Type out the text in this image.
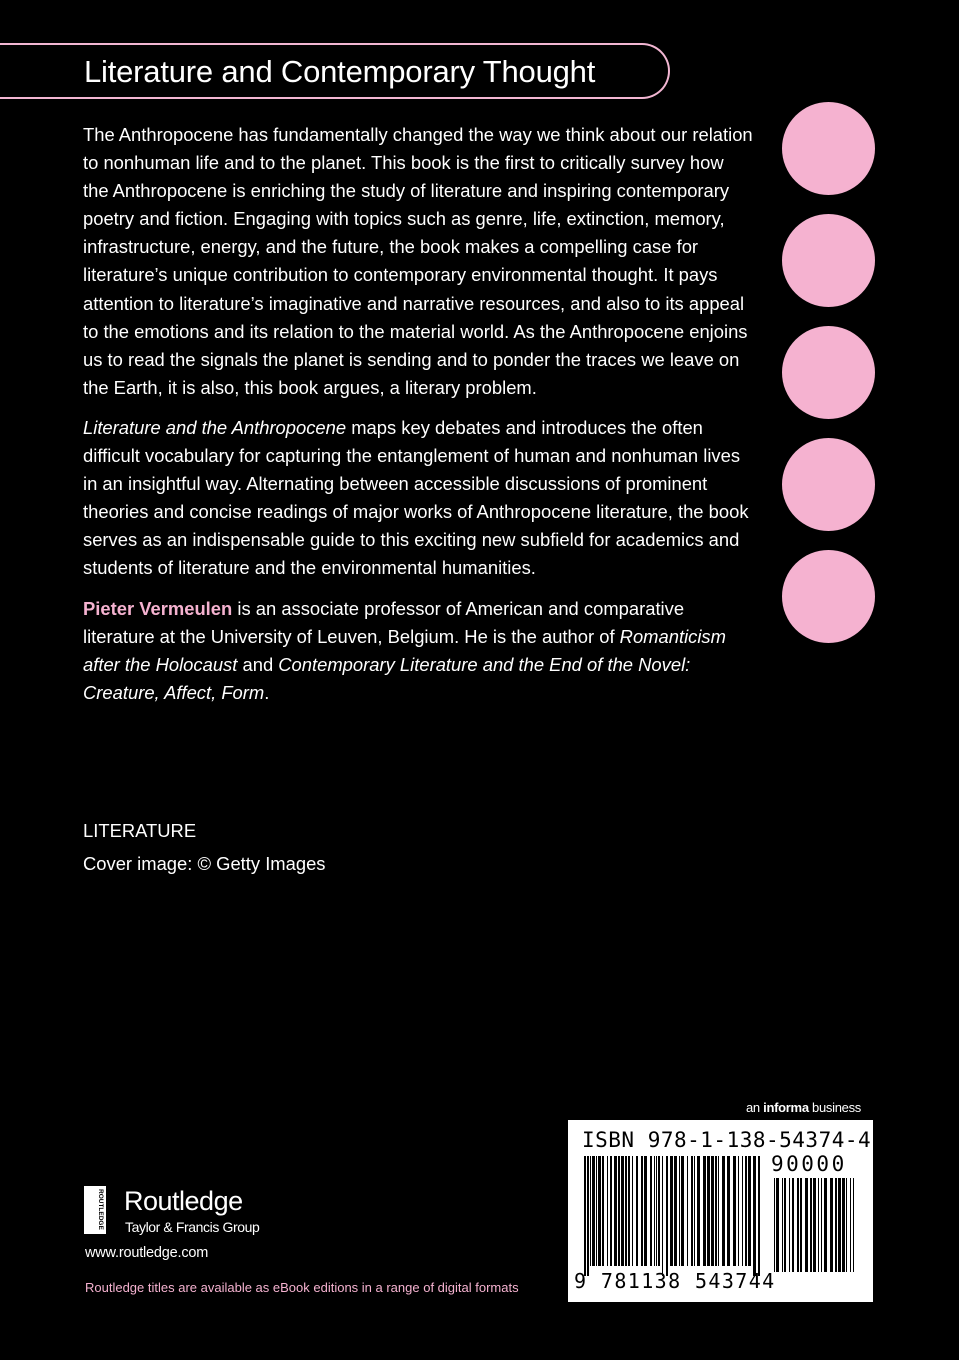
Literature and Contemporary Thought

The Anthropocene has fundamentally changed the way we think about our relation to nonhuman life and to the planet. This book is the first to critically survey how the Anthropocene is enriching the study of literature and inspiring contemporary poetry and fiction. Engaging with topics such as genre, life, extinction, memory, infrastructure, energy, and the future, the book makes a compelling case for literature’s unique contribution to contemporary environmental thought. It pays attention to literature’s imaginative and narrative resources, and also to its appeal to the emotions and its relation to the material world. As the Anthropocene enjoins us to read the signals the planet is sending and to ponder the traces we leave on the Earth, it is also, this book argues, a literary problem.

Literature and the Anthropocene maps key debates and introduces the often difficult vocabulary for capturing the entanglement of human and nonhuman lives in an insightful way. Alternating between accessible discussions of prominent theories and concise readings of major works of Anthropocene literature, the book serves as an indispensable guide to this exciting new subfield for academics and students of literature and the environmental humanities.

Pieter Vermeulen is an associate professor of American and comparative literature at the University of Leuven, Belgium. He is the author of Romanticism after the Holocaust and Contemporary Literature and the End of the Novel: Creature, Affect, Form.

LITERATURE
Cover image: © Getty Images
ROUTLEDGE Routledge
Taylor & Francis Group
www.routledge.com
Routledge titles are available as eBook editions in a range of digital formats
an informa business
ISBN 978-1-138-54374-4
90000
9 781138 543744
